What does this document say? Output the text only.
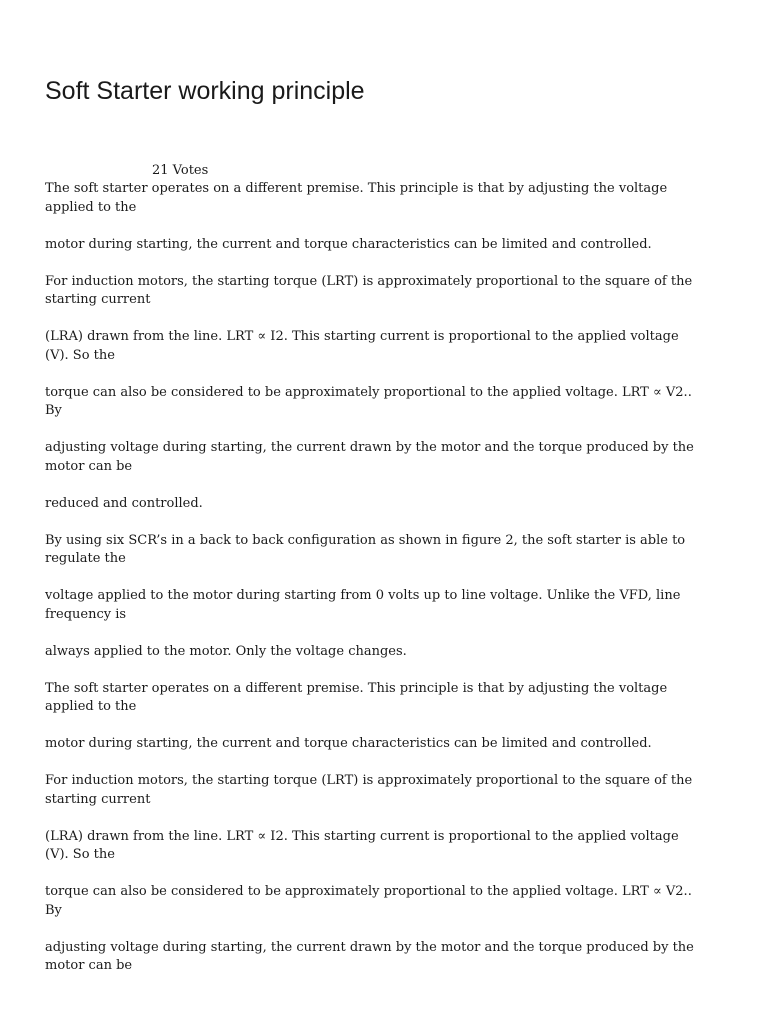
Soft Starter working principle
21 Votes

The soft starter operates on a different premise. This principle is that by adjusting the voltage
applied to the

motor during starting, the current and torque characteristics can be limited and controlled.

For induction motors, the starting torque (LRT) is approximately proportional to the square of the
starting current

(LRA) drawn from the line. LRT ∝ I2. This starting current is proportional to the applied voltage
(V). So the

torque can also be considered to be approximately proportional to the applied voltage. LRT ∝ V2..
By

adjusting voltage during starting, the current drawn by the motor and the torque produced by the
motor can be

reduced and controlled.

By using six SCR’s in a back to back configuration as shown in figure 2, the soft starter is able to
regulate the

voltage applied to the motor during starting from 0 volts up to line voltage. Unlike the VFD, line
frequency is

always applied to the motor. Only the voltage changes.

The soft starter operates on a different premise. This principle is that by adjusting the voltage
applied to the

motor during starting, the current and torque characteristics can be limited and controlled.

For induction motors, the starting torque (LRT) is approximately proportional to the square of the
starting current

(LRA) drawn from the line. LRT ∝ I2. This starting current is proportional to the applied voltage
(V). So the

torque can also be considered to be approximately proportional to the applied voltage. LRT ∝ V2..
By

adjusting voltage during starting, the current drawn by the motor and the torque produced by the
motor can be
